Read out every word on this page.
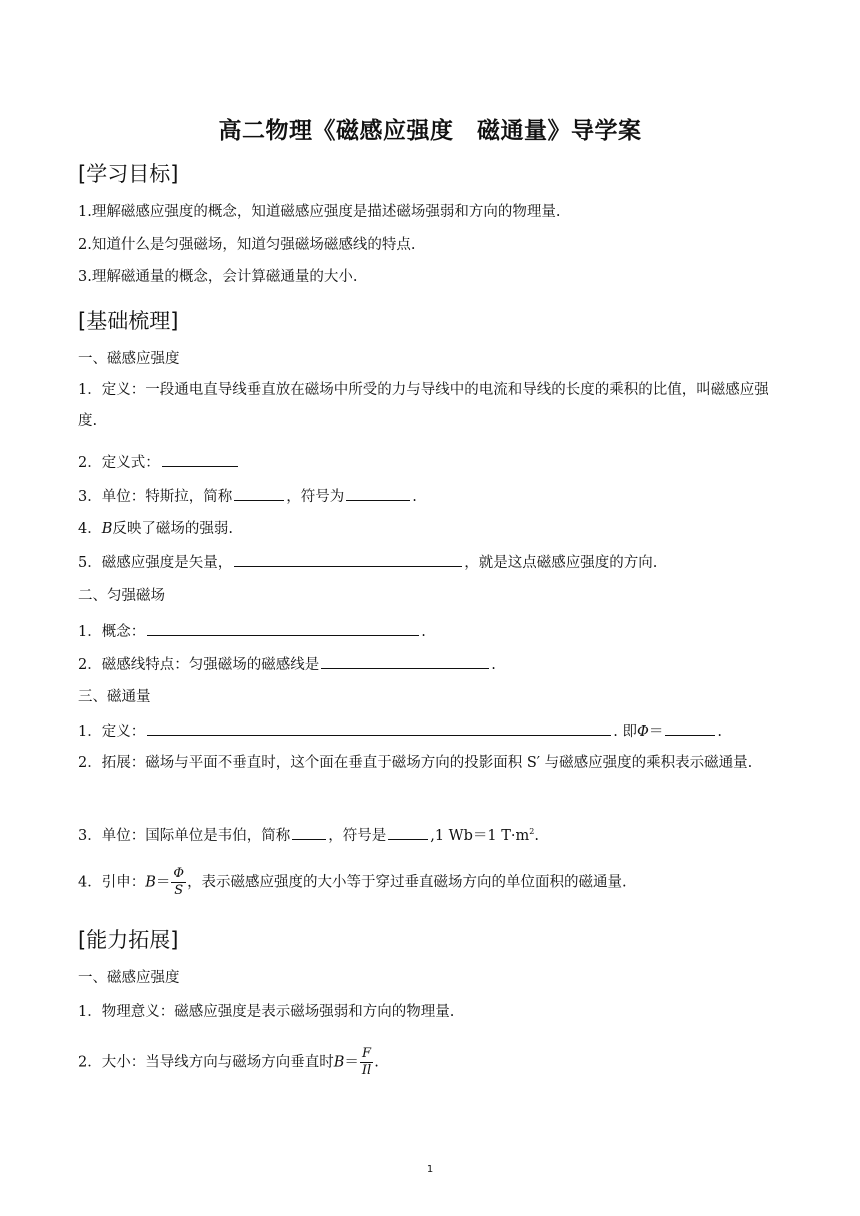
高二物理《磁感应强度　磁通量》导学案
[学习目标]
1.理解磁感应强度的概念，知道磁感应强度是描述磁场强弱和方向的物理量.
2.知道什么是匀强磁场，知道匀强磁场磁感线的特点.
3.理解磁通量的概念，会计算磁通量的大小.
[基础梳理]
一、磁感应强度
1．定义：一段通电直导线垂直放在磁场中所受的力与导线中的电流和导线的长度的乘积的比值，叫磁感应强度.
2．定义式：
3．单位：特斯拉，简称	，符号为	.
4．B反映了磁场的强弱.
5．磁感应强度是矢量，	，就是这点磁感应强度的方向.
二、匀强磁场
1．概念：	.
2．磁感线特点：匀强磁场的磁感线是	.
三、磁通量
1．定义：	. 即Φ＝	.
2．拓展：磁场与平面不垂直时，这个面在垂直于磁场方向的投影面积 S′ 与磁感应强度的乘积表示磁通量.
3．单位：国际单位是韦伯，简称	，符号是	,1 Wb＝1 $T\cdot m^2$.
4．引申：$B= \frac{\Phi}{S}$ ，表示磁感应强度的大小等于穿过垂直磁场方向的单位面积的磁通量.
[能力拓展]
一、磁感应强度
1．物理意义：磁感应强度是表示磁场强弱和方向的物理量.
2．大小：当导线方向与磁场方向垂直时$B= \frac{F}{Il}$ .
1
